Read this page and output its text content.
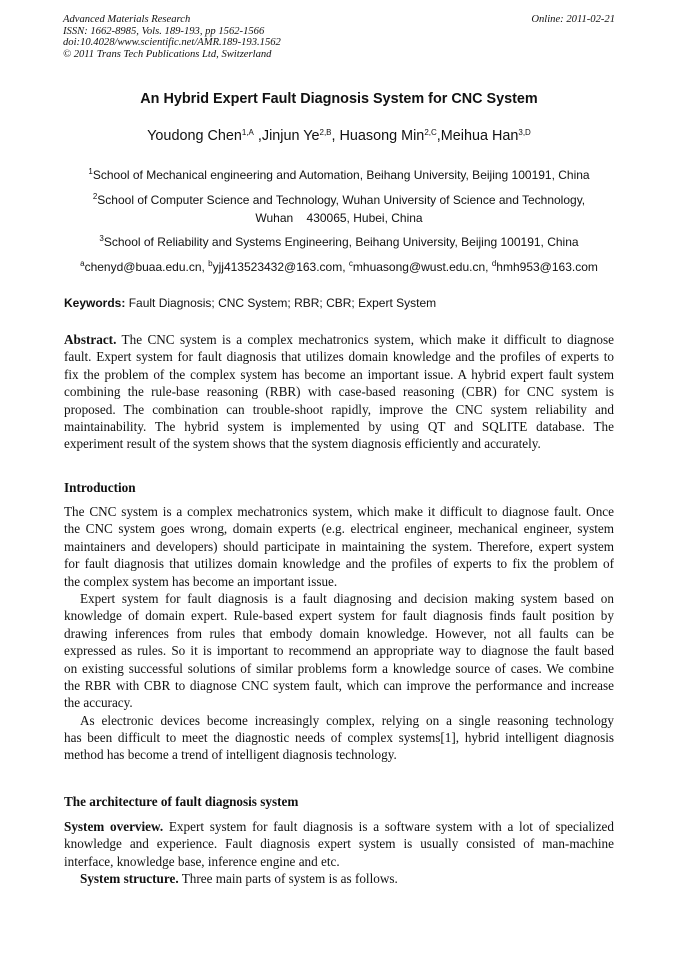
Advanced Materials Research
ISSN: 1662-8985, Vols. 189-193, pp 1562-1566
doi:10.4028/www.scientific.net/AMR.189-193.1562
© 2011 Trans Tech Publications Ltd, Switzerland
Online: 2011-02-21
An Hybrid Expert Fault Diagnosis System for CNC System
Youdong Chen$^{1,A}$ ,Jinjun $Ye^{2,B}$, Huasong Min$^{2,C}$,Meihua Han$^{3,D}$
$^1$School of Mechanical engineering and Automation, Beihang University, Beijing 100191, China
$^2$School of Computer Science and Technology, Wuhan University of Science and Technology,
Wuhan    430065, Hubei, China
$^3$School of Reliability and Systems Engineering, Beihang University, Beijing 100191, China
$^a$chenyd@buaa.edu.cn, $^b$yjj413523432@163.com, $^c$mhuasong@wust.edu.cn, $^d$hmh953@163.com
Keywords: Fault Diagnosis; CNC System; RBR; CBR; Expert System
Abstract. The CNC system is a complex mechatronics system, which make it difficult to diagnose
fault. Expert system for fault diagnosis that utilizes domain knowledge and the profiles of experts to
fix the problem of the complex system has become an important issue. A hybrid expert fault system
combining the rule-base reasoning (RBR) with case-based reasoning (CBR) for CNC system is
proposed. The combination can trouble-shoot rapidly, improve the CNC system reliability and
maintainability. The hybrid system is implemented by using QT and SQLITE database. The
experiment result of the system shows that the system diagnosis efficiently and accurately.
Introduction
The CNC system is a complex mechatronics system, which make it difficult to diagnose fault. Once
the CNC system goes wrong, domain experts (e.g. electrical engineer, mechanical engineer, system
maintainers and developers) should participate in maintaining the system. Therefore, expert system
for fault diagnosis that utilizes domain knowledge and the profiles of experts to fix the problem of
the complex system has become an important issue.
Expert system for fault diagnosis is a fault diagnosing and decision making system based on
knowledge of domain expert. Rule-based expert system for fault diagnosis finds fault position by
drawing inferences from rules that embody domain knowledge. However, not all faults can be
expressed as rules. So it is important to recommend an appropriate way to diagnose the fault based
on existing successful solutions of similar problems form a knowledge source of cases. We combine
the RBR with CBR to diagnose CNC system fault, which can improve the performance and increase
the accuracy.
As electronic devices become increasingly complex, relying on a single reasoning technology
has been difficult to meet the diagnostic needs of complex systems[1], hybrid intelligent diagnosis
method has become a trend of intelligent diagnosis technology.
The architecture of fault diagnosis system
System overview. Expert system for fault diagnosis is a software system with a lot of specialized
knowledge and experience. Fault diagnosis expert system is usually consisted of man-machine
interface, knowledge base, inference engine and etc.
System structure. Three main parts of system is as follows.
